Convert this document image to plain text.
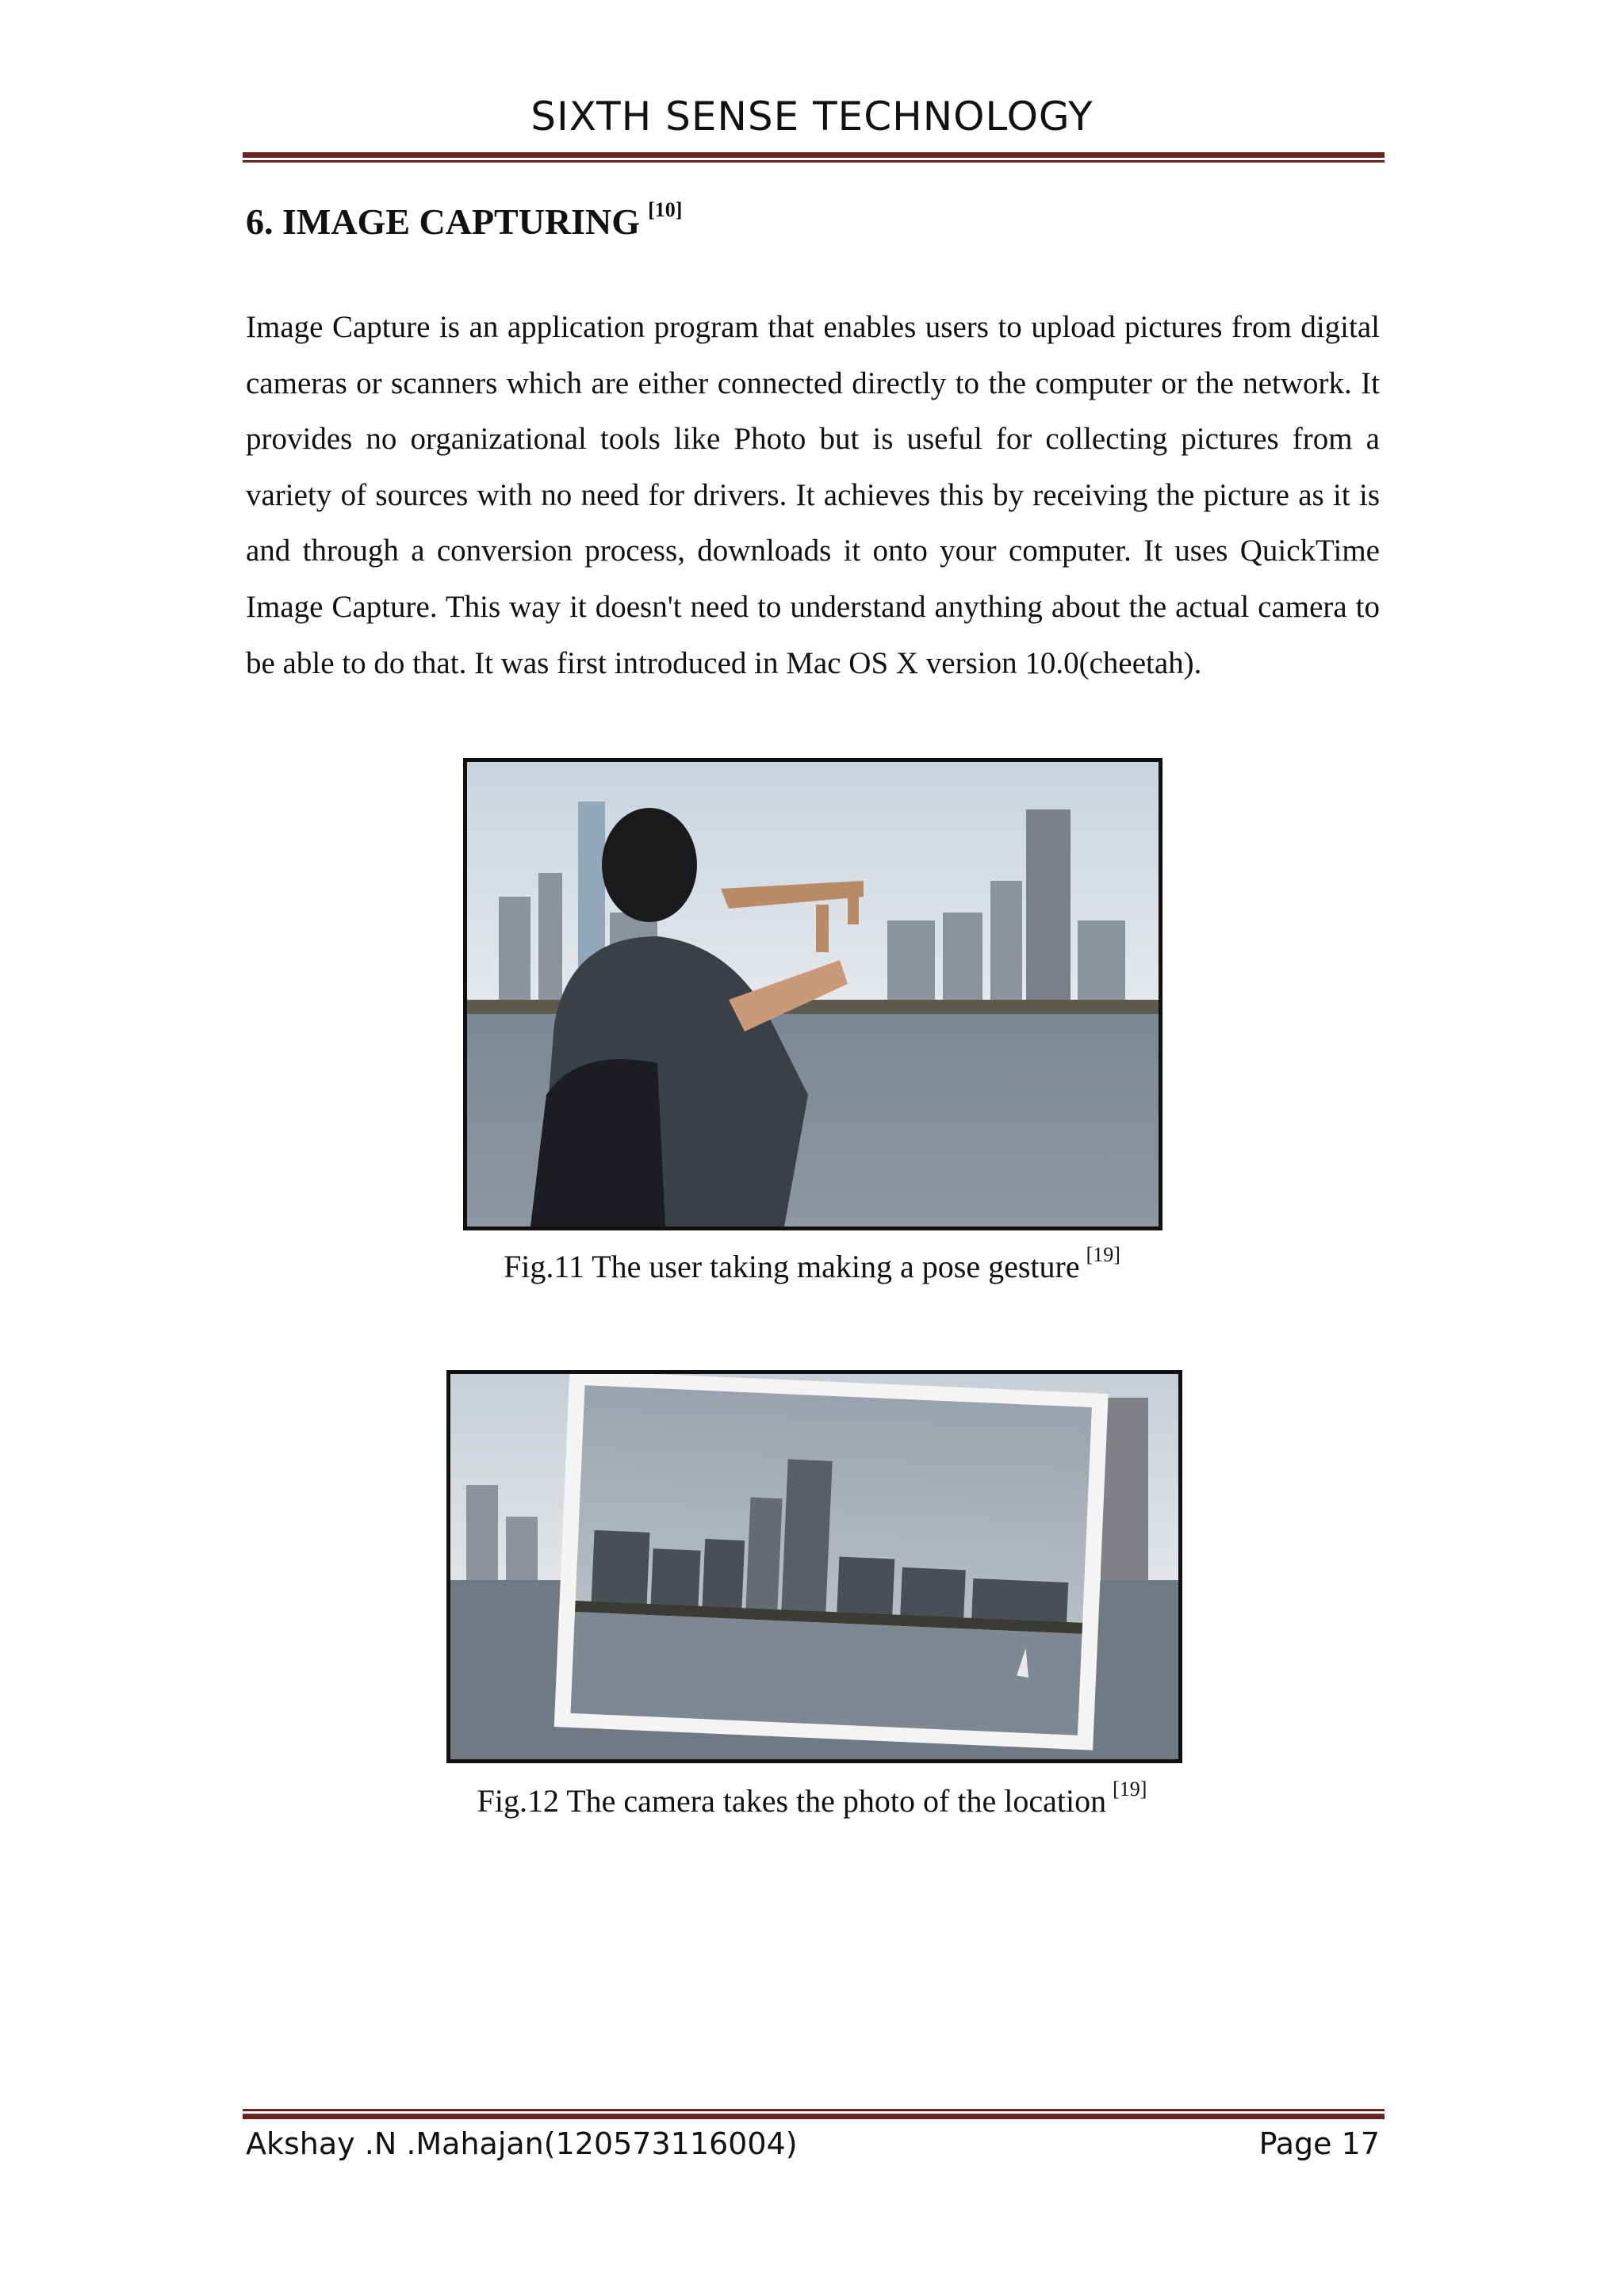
SIXTH SENSE TECHNOLOGY
6. IMAGE CAPTURING [10]
Image Capture is an application program that enables users to upload pictures from digital cameras or scanners which are either connected directly to the computer or the network. It provides no organizational tools like Photo but is useful for collecting pictures from a variety of sources with no need for drivers. It achieves this by receiving the picture as it is and through a conversion process, downloads it onto your computer. It uses QuickTime Image Capture. This way it doesn't need to understand anything about the actual camera to be able to do that. It was first introduced in Mac OS X version 10.0(cheetah).
Fig.11 The user taking making a pose gesture [19]
Fig.12 The camera takes the photo of the location [19]
Akshay .N .Mahajan(120573116004)	Page 17
